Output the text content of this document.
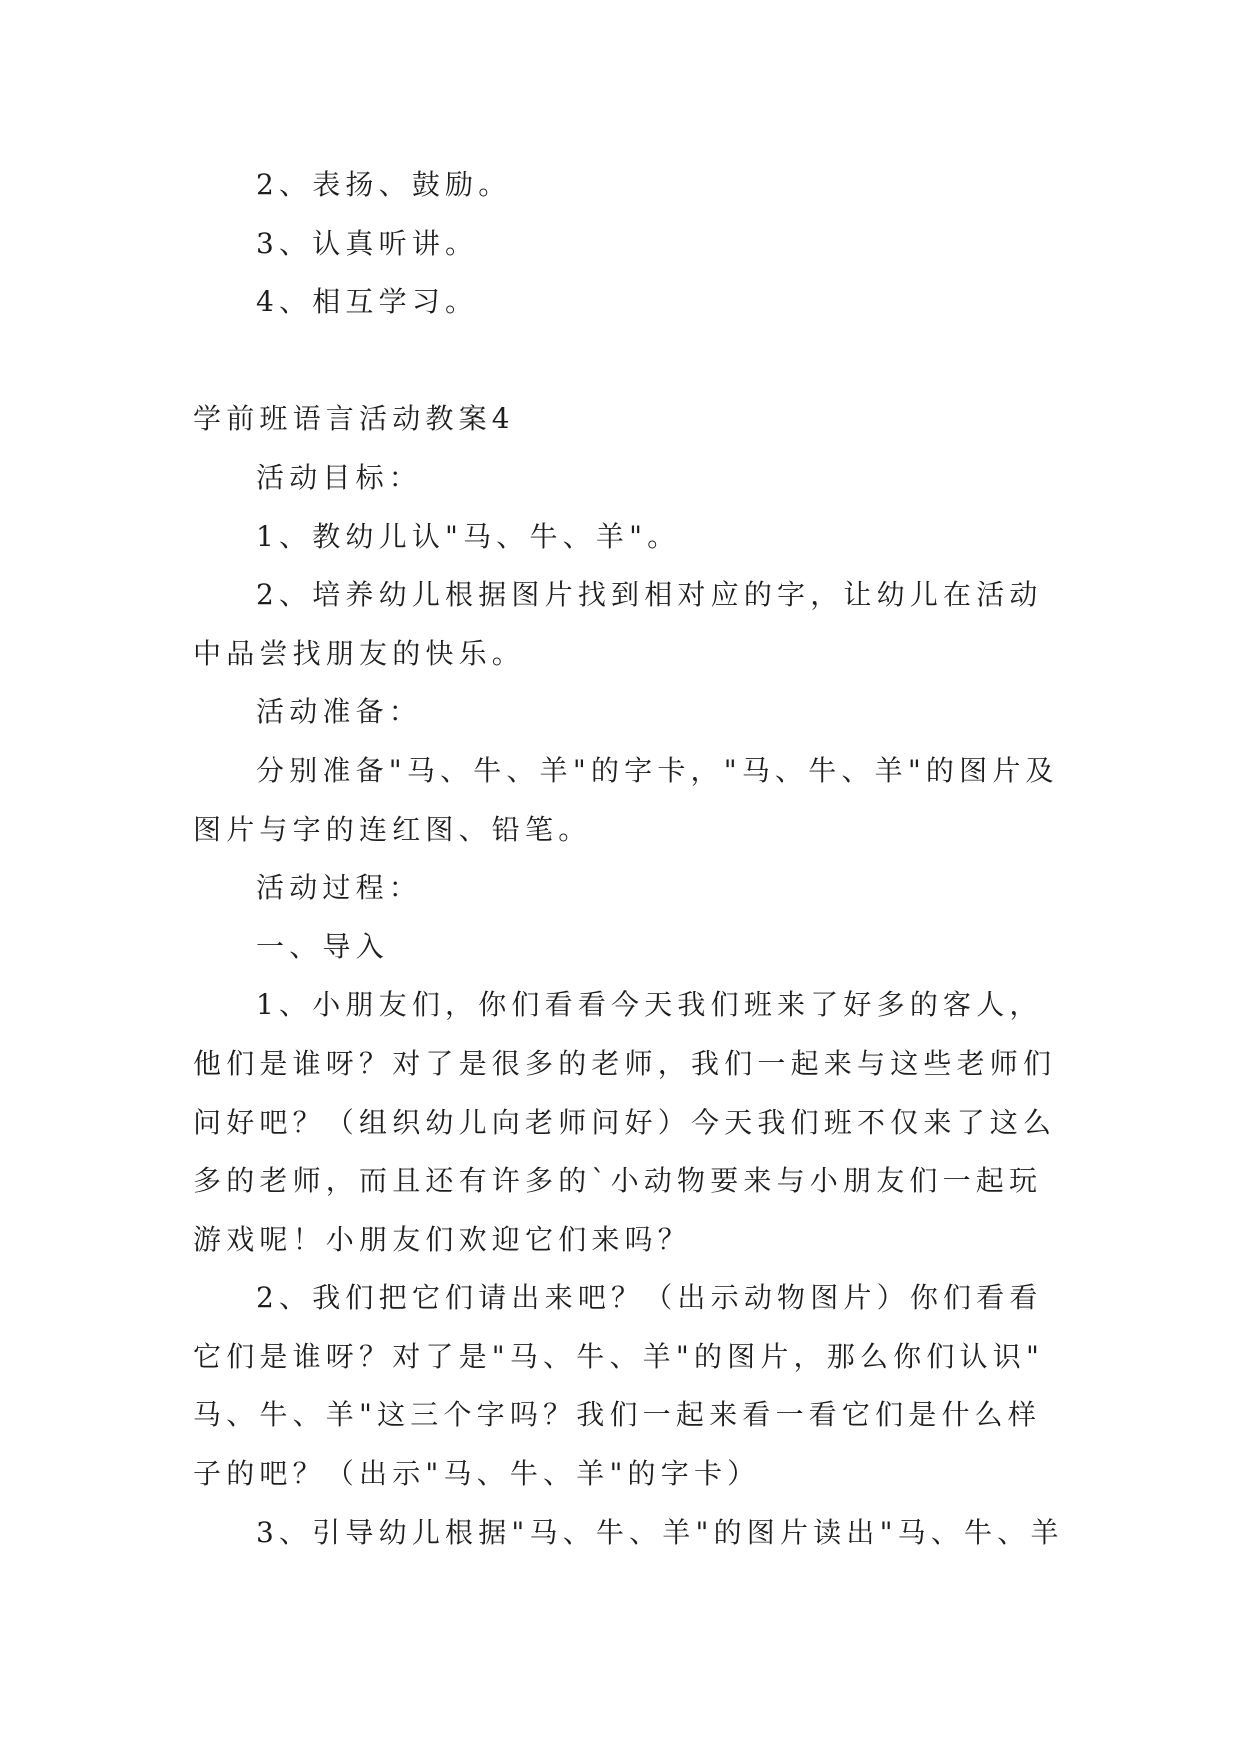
2、表扬、鼓励。
3、认真听讲。
4、相互学习。
学前班语言活动教案4
活动目标：
1、教幼儿认"马、牛、羊"。
2、培养幼儿根据图片找到相对应的字，让幼儿在活动
中品尝找朋友的快乐。
活动准备：
分别准备"马、牛、羊"的字卡，"马、牛、羊"的图片及
图片与字的连红图、铅笔。
活动过程：
一、导入
1、小朋友们，你们看看今天我们班来了好多的客人，
他们是谁呀？对了是很多的老师，我们一起来与这些老师们
问好吧？（组织幼儿向老师问好）今天我们班不仅来了这么
多的老师，而且还有许多的`小动物要来与小朋友们一起玩
游戏呢！小朋友们欢迎它们来吗？
2、我们把它们请出来吧？（出示动物图片）你们看看
它们是谁呀？对了是"马、牛、羊"的图片，那么你们认识"
马、牛、羊"这三个字吗？我们一起来看一看它们是什么样
子的吧？（出示"马、牛、羊"的字卡）
3、引导幼儿根据"马、牛、羊"的图片读出"马、牛、羊
